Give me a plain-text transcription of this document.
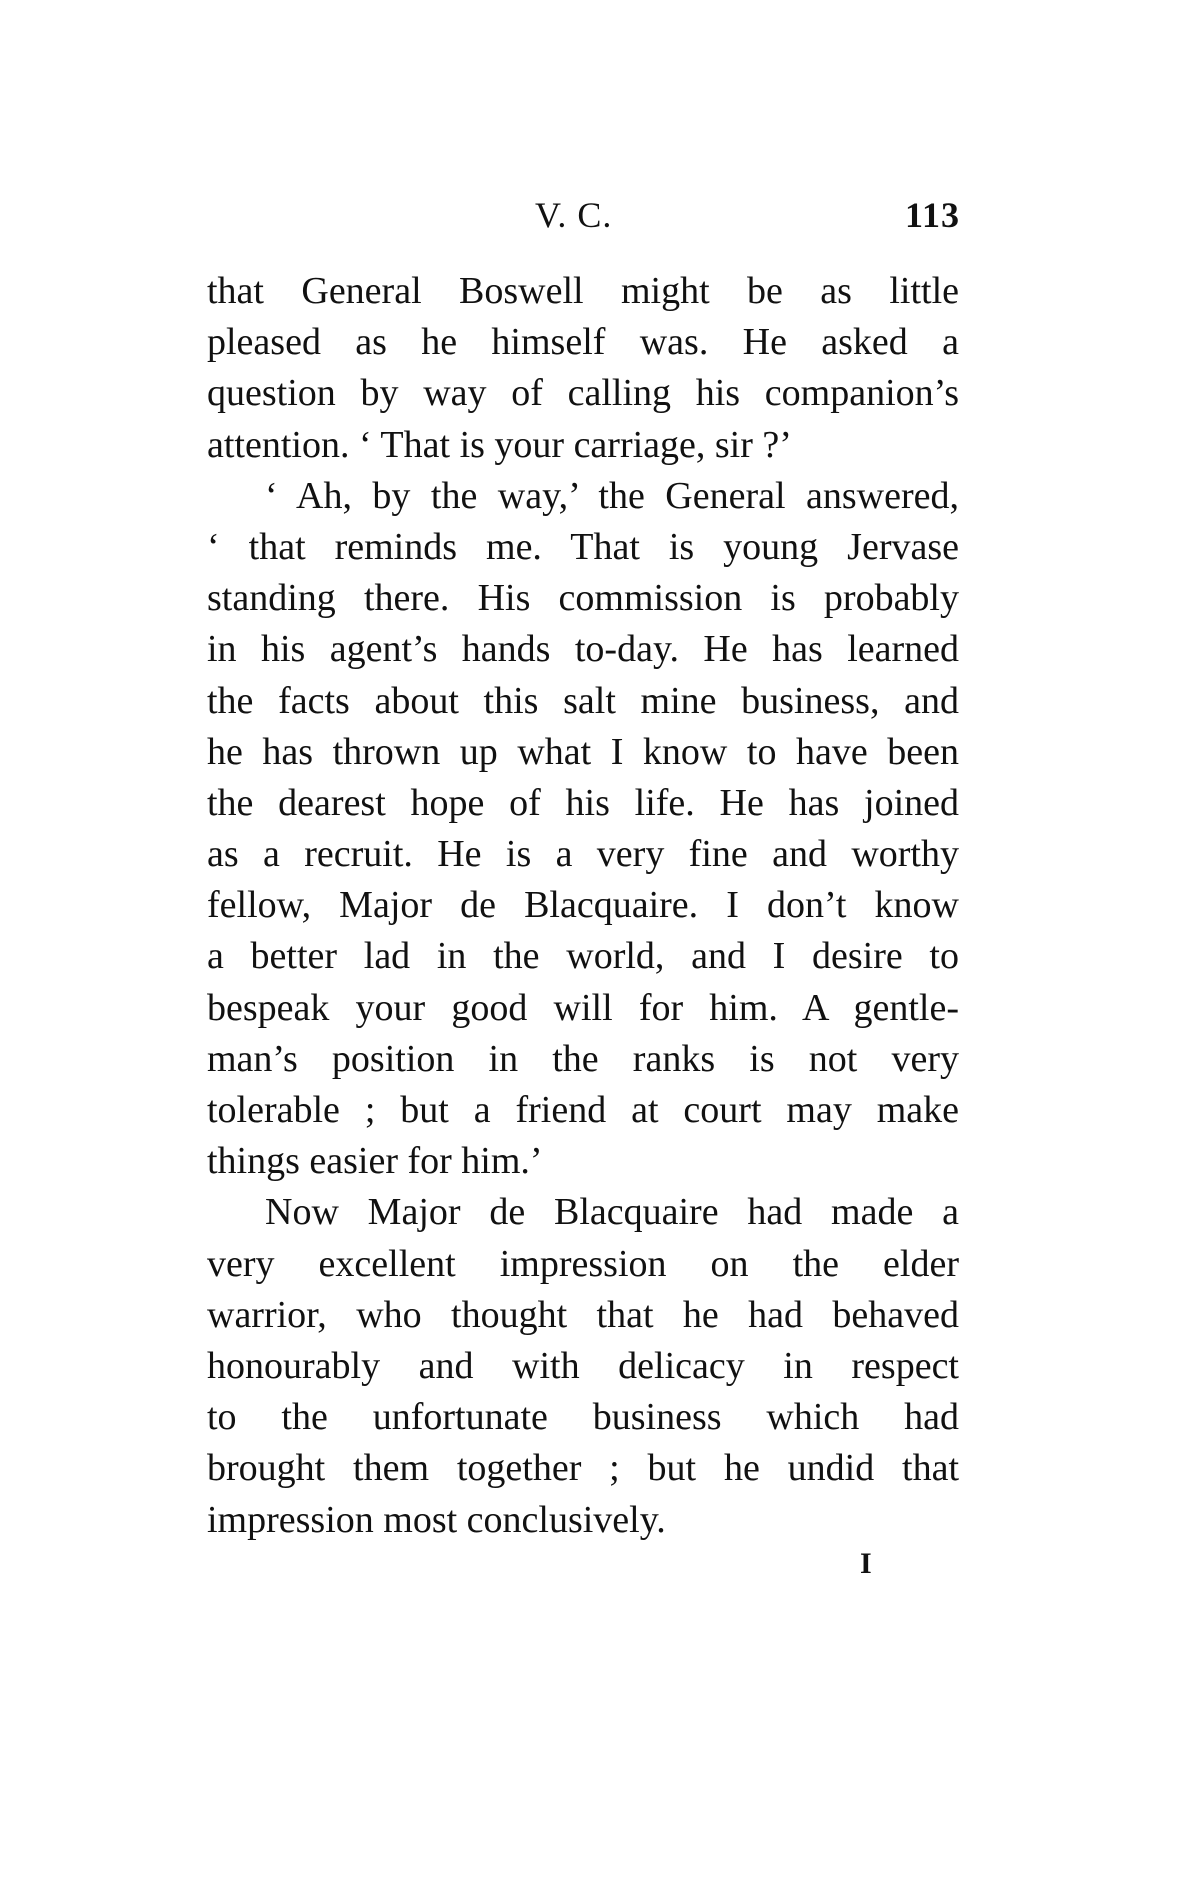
V. C.	113
that General Boswell might be as little
pleased as he himself was. He asked a
question by way of calling his companion’s
attention. ‘ That is your carriage, sir ?’
‘ Ah, by the way,’ the General answered,
‘ that reminds me. That is young Jervase
standing there. His commission is probably
in his agent’s hands to-day. He has learned
the facts about this salt mine business, and
he has thrown up what I know to have been
the dearest hope of his life. He has joined
as a recruit. He is a very fine and worthy
fellow, Major de Blacquaire. I don’t know
a better lad in the world, and I desire to
bespeak your good will for him. A gentle-
man’s position in the ranks is not very
tolerable ; but a friend at court may make
things easier for him.’
Now Major de Blacquaire had made a
very excellent impression on the elder
warrior, who thought that he had behaved
honourably and with delicacy in respect
to the unfortunate business which had
brought them together ; but he undid that
impression most conclusively.
I
